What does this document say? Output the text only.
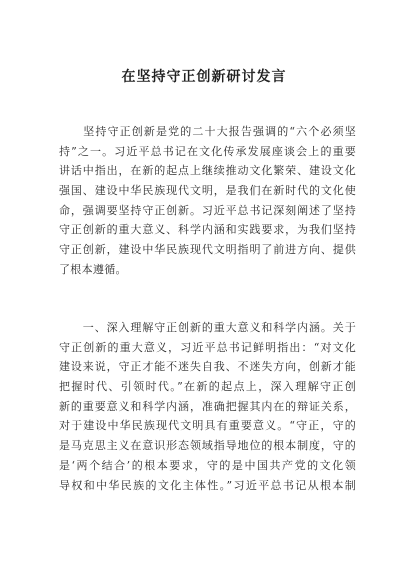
在坚持守正创新研讨发言
　　坚持守正创新是党的二十大报告强调的“六个必须坚
持”之一。习近平总书记在文化传承发展座谈会上的重要
讲话中指出，在新的起点上继续推动文化繁荣、建设文化
强国、建设中华民族现代文明，是我们在新时代的文化使
命，强调要坚持守正创新。习近平总书记深刻阐述了坚持
守正创新的重大意义、科学内涵和实践要求，为我们坚持
守正创新，建设中华民族现代文明指明了前进方向、提供
了根本遵循。
　　一、深入理解守正创新的重大意义和科学内涵。关于
守正创新的重大意义，习近平总书记鲜明指出：“对文化
建设来说，守正才能不迷失自我、不迷失方向，创新才能
把握时代、引领时代。”在新的起点上，深入理解守正创
新的重要意义和科学内涵，准确把握其内在的辩证关系，
对于建设中华民族现代文明具有重要意义。“守正，守的
是马克思主义在意识形态领域指导地位的根本制度，守的
是‘两个结合’的根本要求，守的是中国共产党的文化领
导权和中华民族的文化主体性。”习近平总书记从根本制
